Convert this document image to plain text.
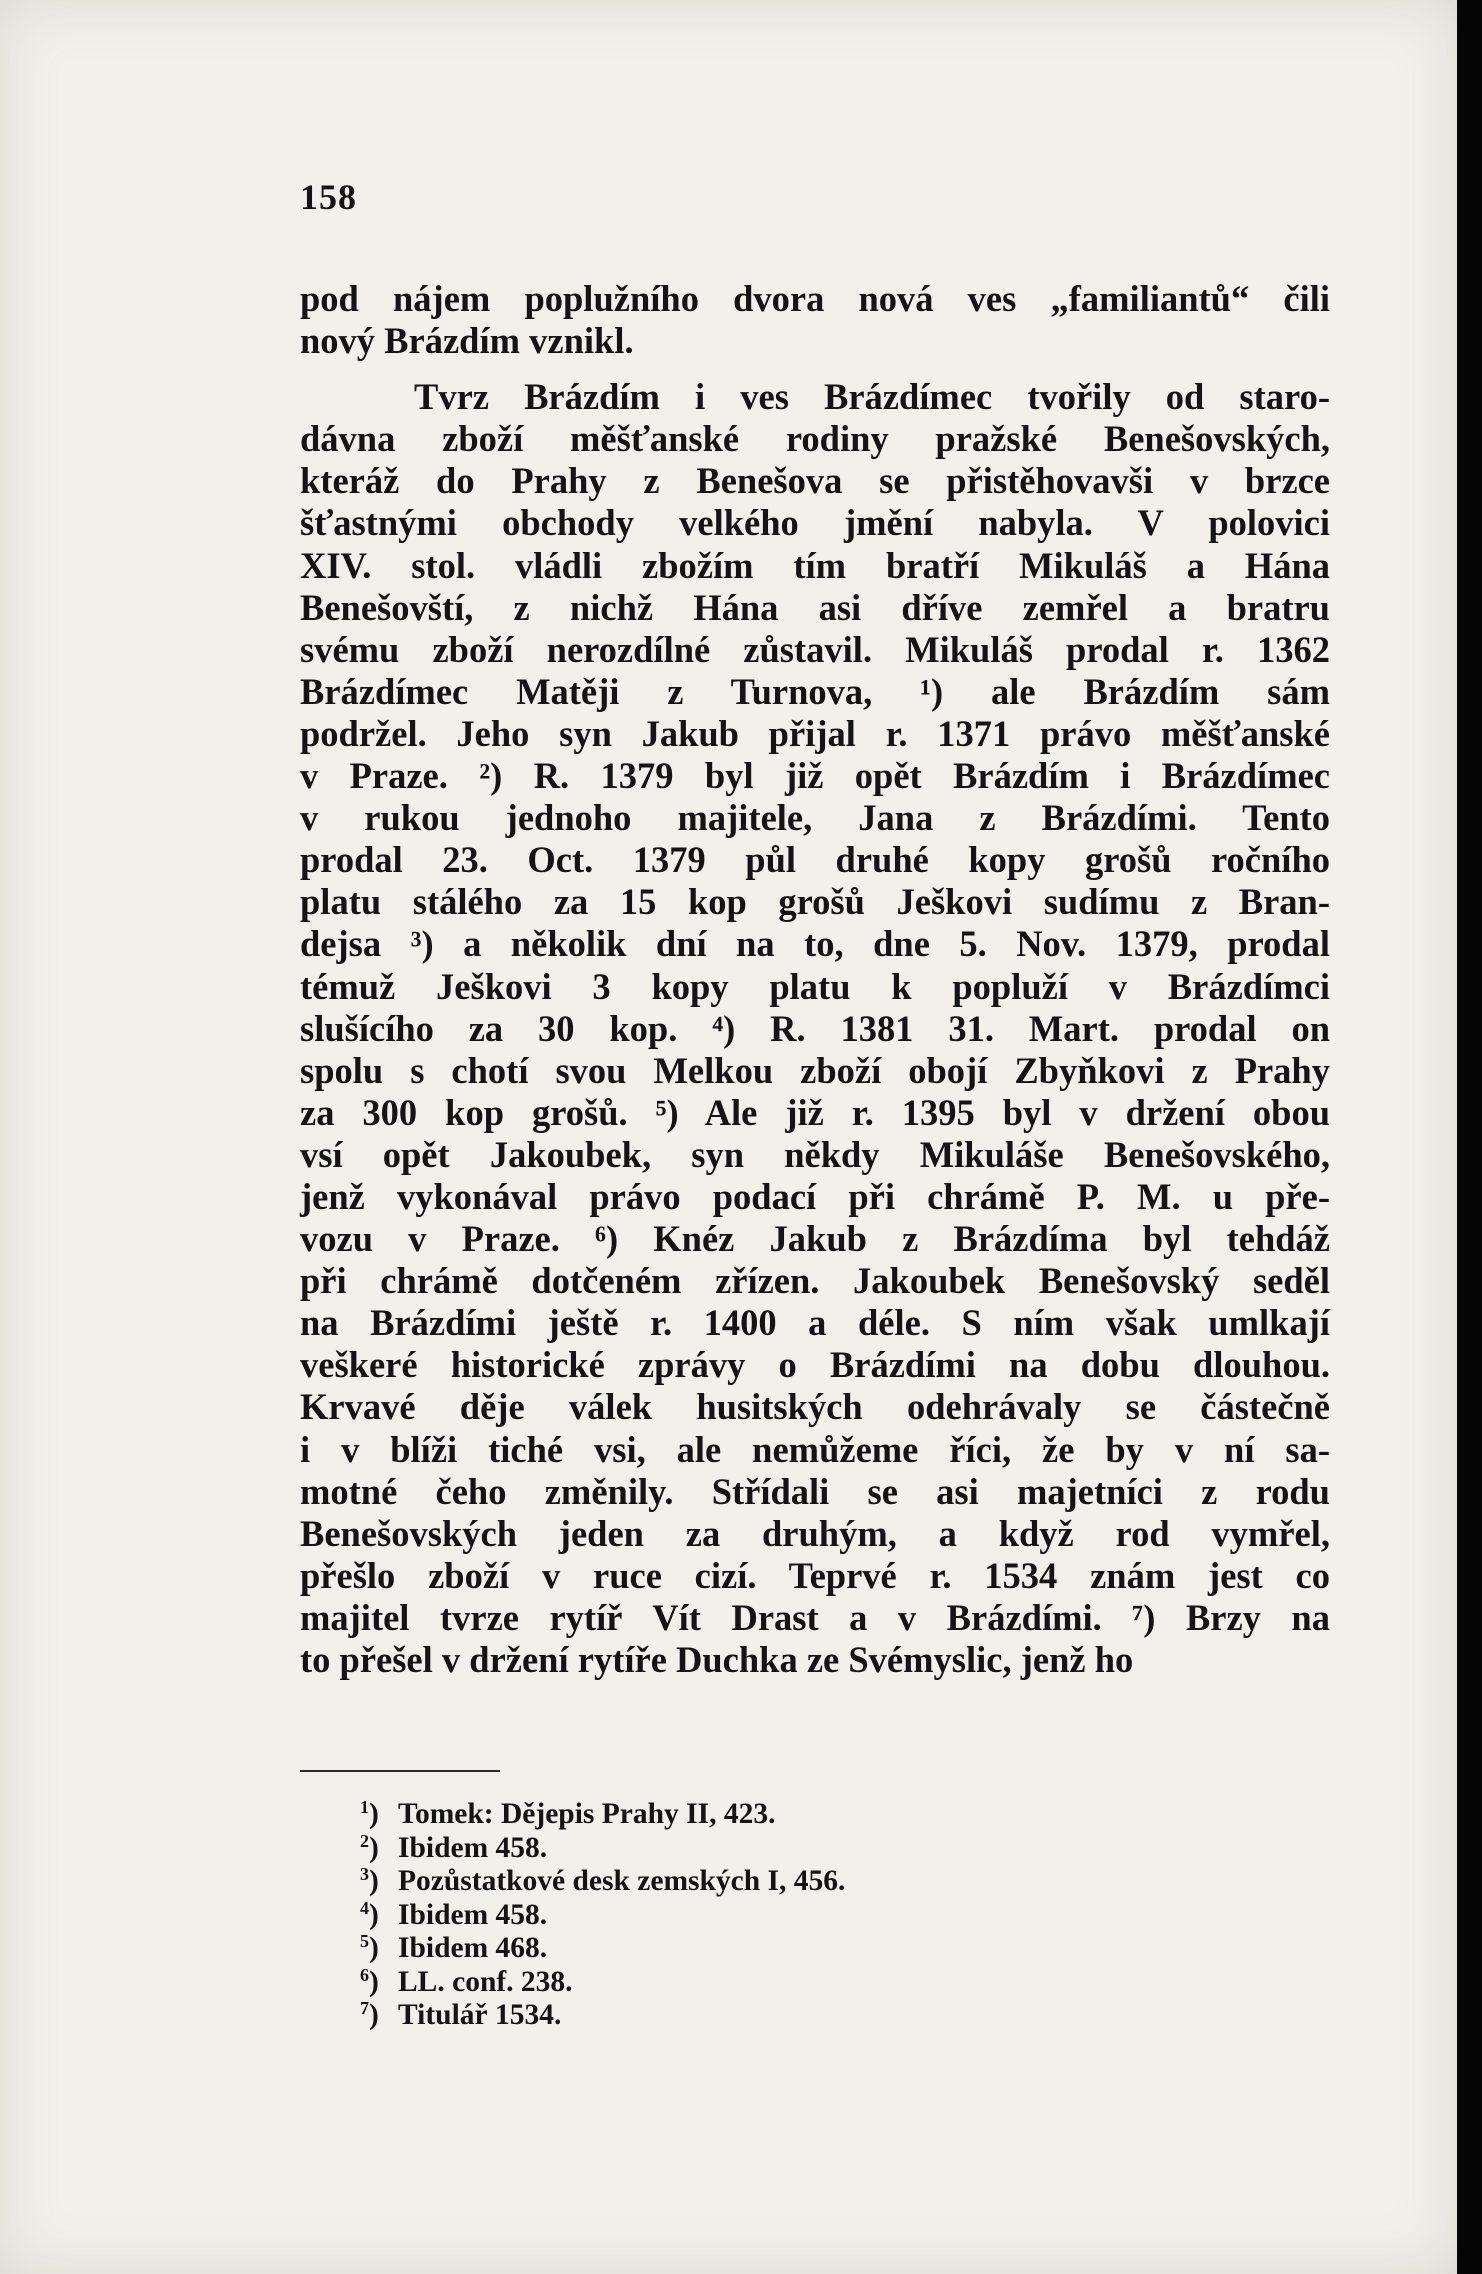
158
pod nájem poplužního dvora nová ves „familiantů“ čili
nový Brázdím vznikl.
Tvrz Brázdím i ves Brázdímec tvořily od staro-
dávna zboží měšťanské rodiny pražské Benešovských,
kteráž do Prahy z Benešova se přistěhovavši v brzce
šťastnými obchody velkého jmění nabyla. V polovici
XIV. stol. vládli zbožím tím bratří Mikuláš a Hána
Benešovští, z nichž Hána asi dříve zemřel a bratru
svému zboží nerozdílné zůstavil. Mikuláš prodal r. 1362
Brázdímec Matěji z Turnova, ¹) ale Brázdím sám
podržel. Jeho syn Jakub přijal r. 1371 právo měšťanské
v Praze. ²) R. 1379 byl již opět Brázdím i Brázdímec
v rukou jednoho majitele, Jana z Brázdími. Tento
prodal 23. Oct. 1379 půl druhé kopy grošů ročního
platu stálého za 15 kop grošů Ješkovi sudímu z Bran-
dejsa ³) a několik dní na to, dne 5. Nov. 1379, prodal
témuž Ješkovi 3 kopy platu k popluží v Brázdímci
slušícího za 30 kop. ⁴) R. 1381 31. Mart. prodal on
spolu s chotí svou Melkou zboží obojí Zbyňkovi z Prahy
za 300 kop grošů. ⁵) Ale již r. 1395 byl v držení obou
vsí opět Jakoubek, syn někdy Mikuláše Benešovského,
jenž vykonával právo podací při chrámě P. M. u pře-
vozu v Praze. ⁶) Knéz Jakub z Brázdíma byl tehdáž
při chrámě dotčeném zřízen. Jakoubek Benešovský seděl
na Brázdími ještě r. 1400 a déle. S ním však umlkají
veškeré historické zprávy o Brázdími na dobu dlouhou.
Krvavé děje válek husitských odehrávaly se částečně
i v blíži tiché vsi, ale nemůžeme říci, že by v ní sa-
motné čeho změnily. Střídali se asi majetníci z rodu
Benešovských jeden za druhým, a když rod vymřel,
přešlo zboží v ruce cizí. Teprvé r. 1534 znám jest co
majitel tvrze rytíř Vít Drast a v Brázdími. ⁷) Brzy na
to přešel v držení rytíře Duchka ze Svémyslic, jenž ho
$^1$) Tomek: Dějepis Prahy II, 423.
$^2$) Ibidem 458.
$^3$) Pozůstatkové desk zemských I, 456.
$^4$) Ibidem 458.
$^5$) Ibidem 468.
$^6$) LL. conf. 238.
$^7$) Titulář 1534.
